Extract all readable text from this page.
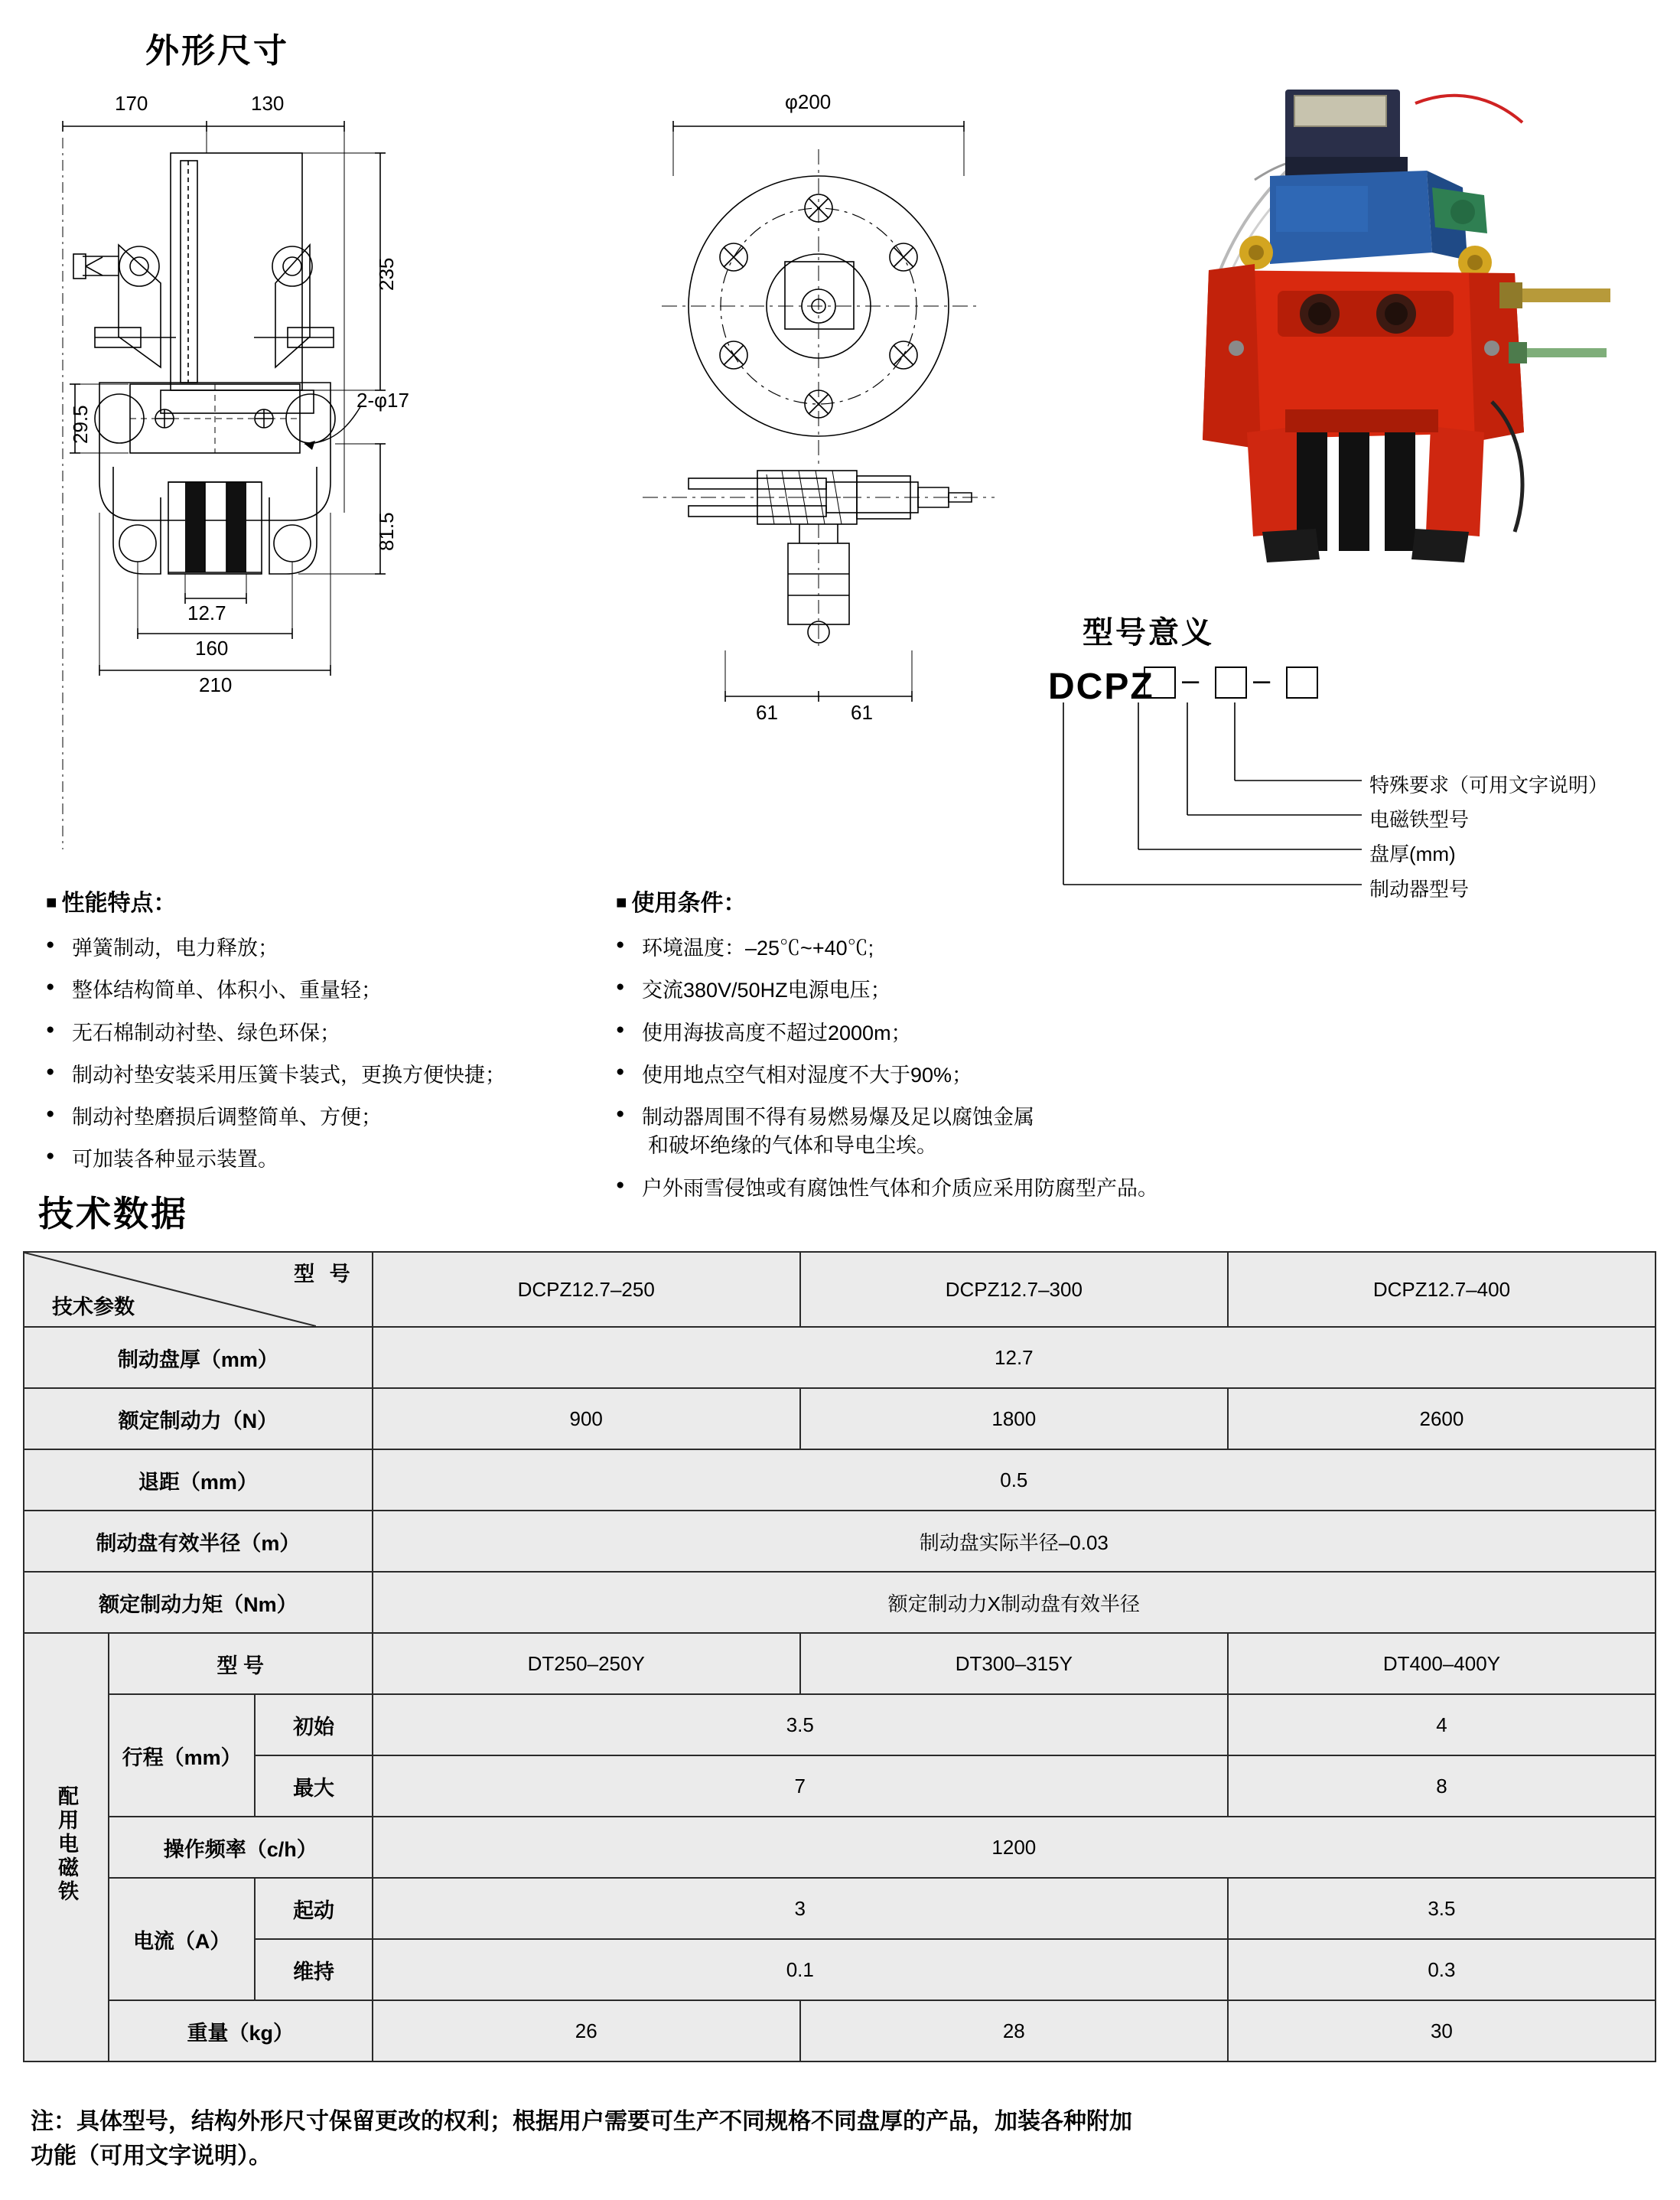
外形尺寸
170	130
235
29.5
81.5
12.7
160
210
2-φ17
φ200
61	61
型号意义
DCPZ – –
特殊要求（可用文字说明）
电磁铁型号
盘厚(mm)
制动器型号
■ 性能特点：
● 弹簧制动，电力释放；
● 整体结构简单、体积小、重量轻；
● 无石棉制动衬垫、绿色环保；
● 制动衬垫安装采用压簧卡装式，更换方便快捷；
● 制动衬垫磨损后调整简单、方便；
● 可加装各种显示装置。
■ 使用条件：
● 环境温度：–25℃~+40℃;
● 交流380V/50HZ电源电压；
● 使用海拔高度不超过2000m；
● 使用地点空气相对湿度不大于90%；
● 制动器周围不得有易燃易爆及足以腐蚀金属
和破坏绝缘的气体和导电尘埃。
● 户外雨雪侵蚀或有腐蚀性气体和介质应采用防腐型产品。
技术数据
型 号
技术参数			DCPZ12.7–250	DCPZ12.7–300	DCPZ12.7–400
制动盘厚（mm）			12.7		
额定制动力（N）			900	1800	2600
退距（mm）			0.5		
制动盘有效半径（m）			制动盘实际半径–0.03		
额定制动力矩（Nm）			额定制动力X制动盘有效半径		
配用电磁铁	型 号		DT250–250Y	DT300–315Y	DT400–400Y
	行程（mm）	初始	3.5		4
		最大	7		8
	操作频率（c/h）		1200		
	电流（A）	起动	3		3.5
		维持	0.1		0.3
	重量（kg）		26	28	30
注：具体型号，结构外形尺寸保留更改的权利；根据用户需要可生产不同规格不同盘厚的产品，加装各种附加
功能（可用文字说明）。
